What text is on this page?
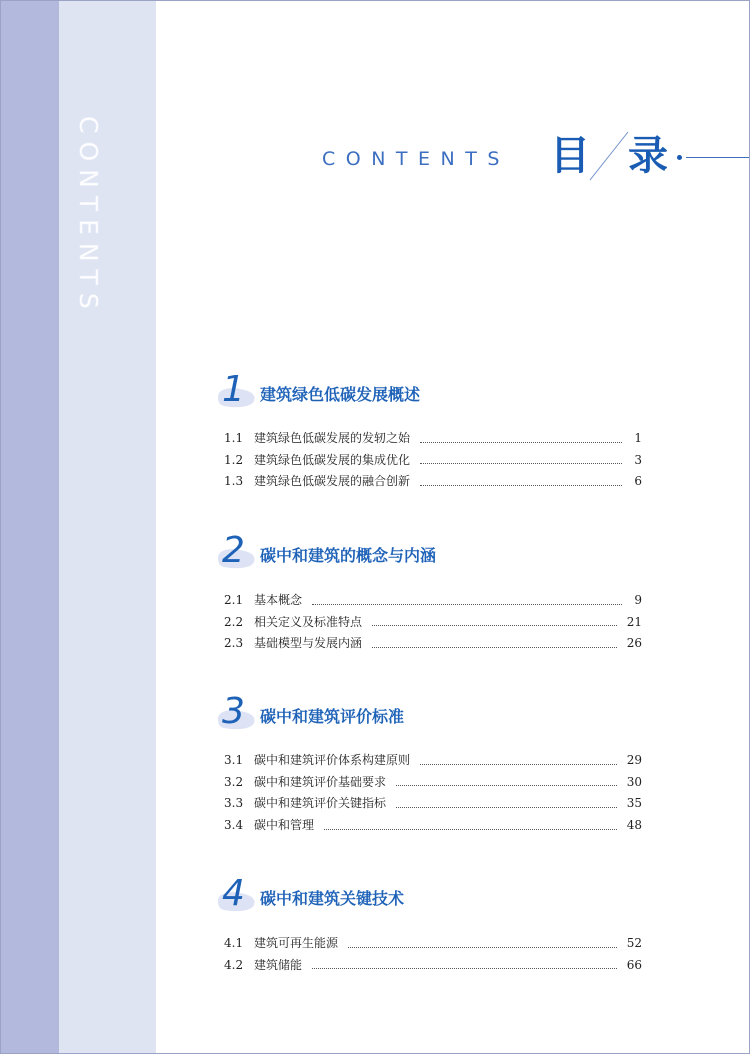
CONTENTS	CONTENTS 目 录
1 建筑绿色低碳发展概述
1.1 建筑绿色低碳发展的发轫之始	1
1.2 建筑绿色低碳发展的集成优化	3
1.3 建筑绿色低碳发展的融合创新	6
2 碳中和建筑的概念与内涵
2.1 基本概念	9
2.2 相关定义及标准特点	21
2.3 基础模型与发展内涵	26
3 碳中和建筑评价标准
3.1 碳中和建筑评价体系构建原则	29
3.2 碳中和建筑评价基础要求	30
3.3 碳中和建筑评价关键指标	35
3.4 碳中和管理	48
4 碳中和建筑关键技术
4.1 建筑可再生能源	52
4.2 建筑储能	66
